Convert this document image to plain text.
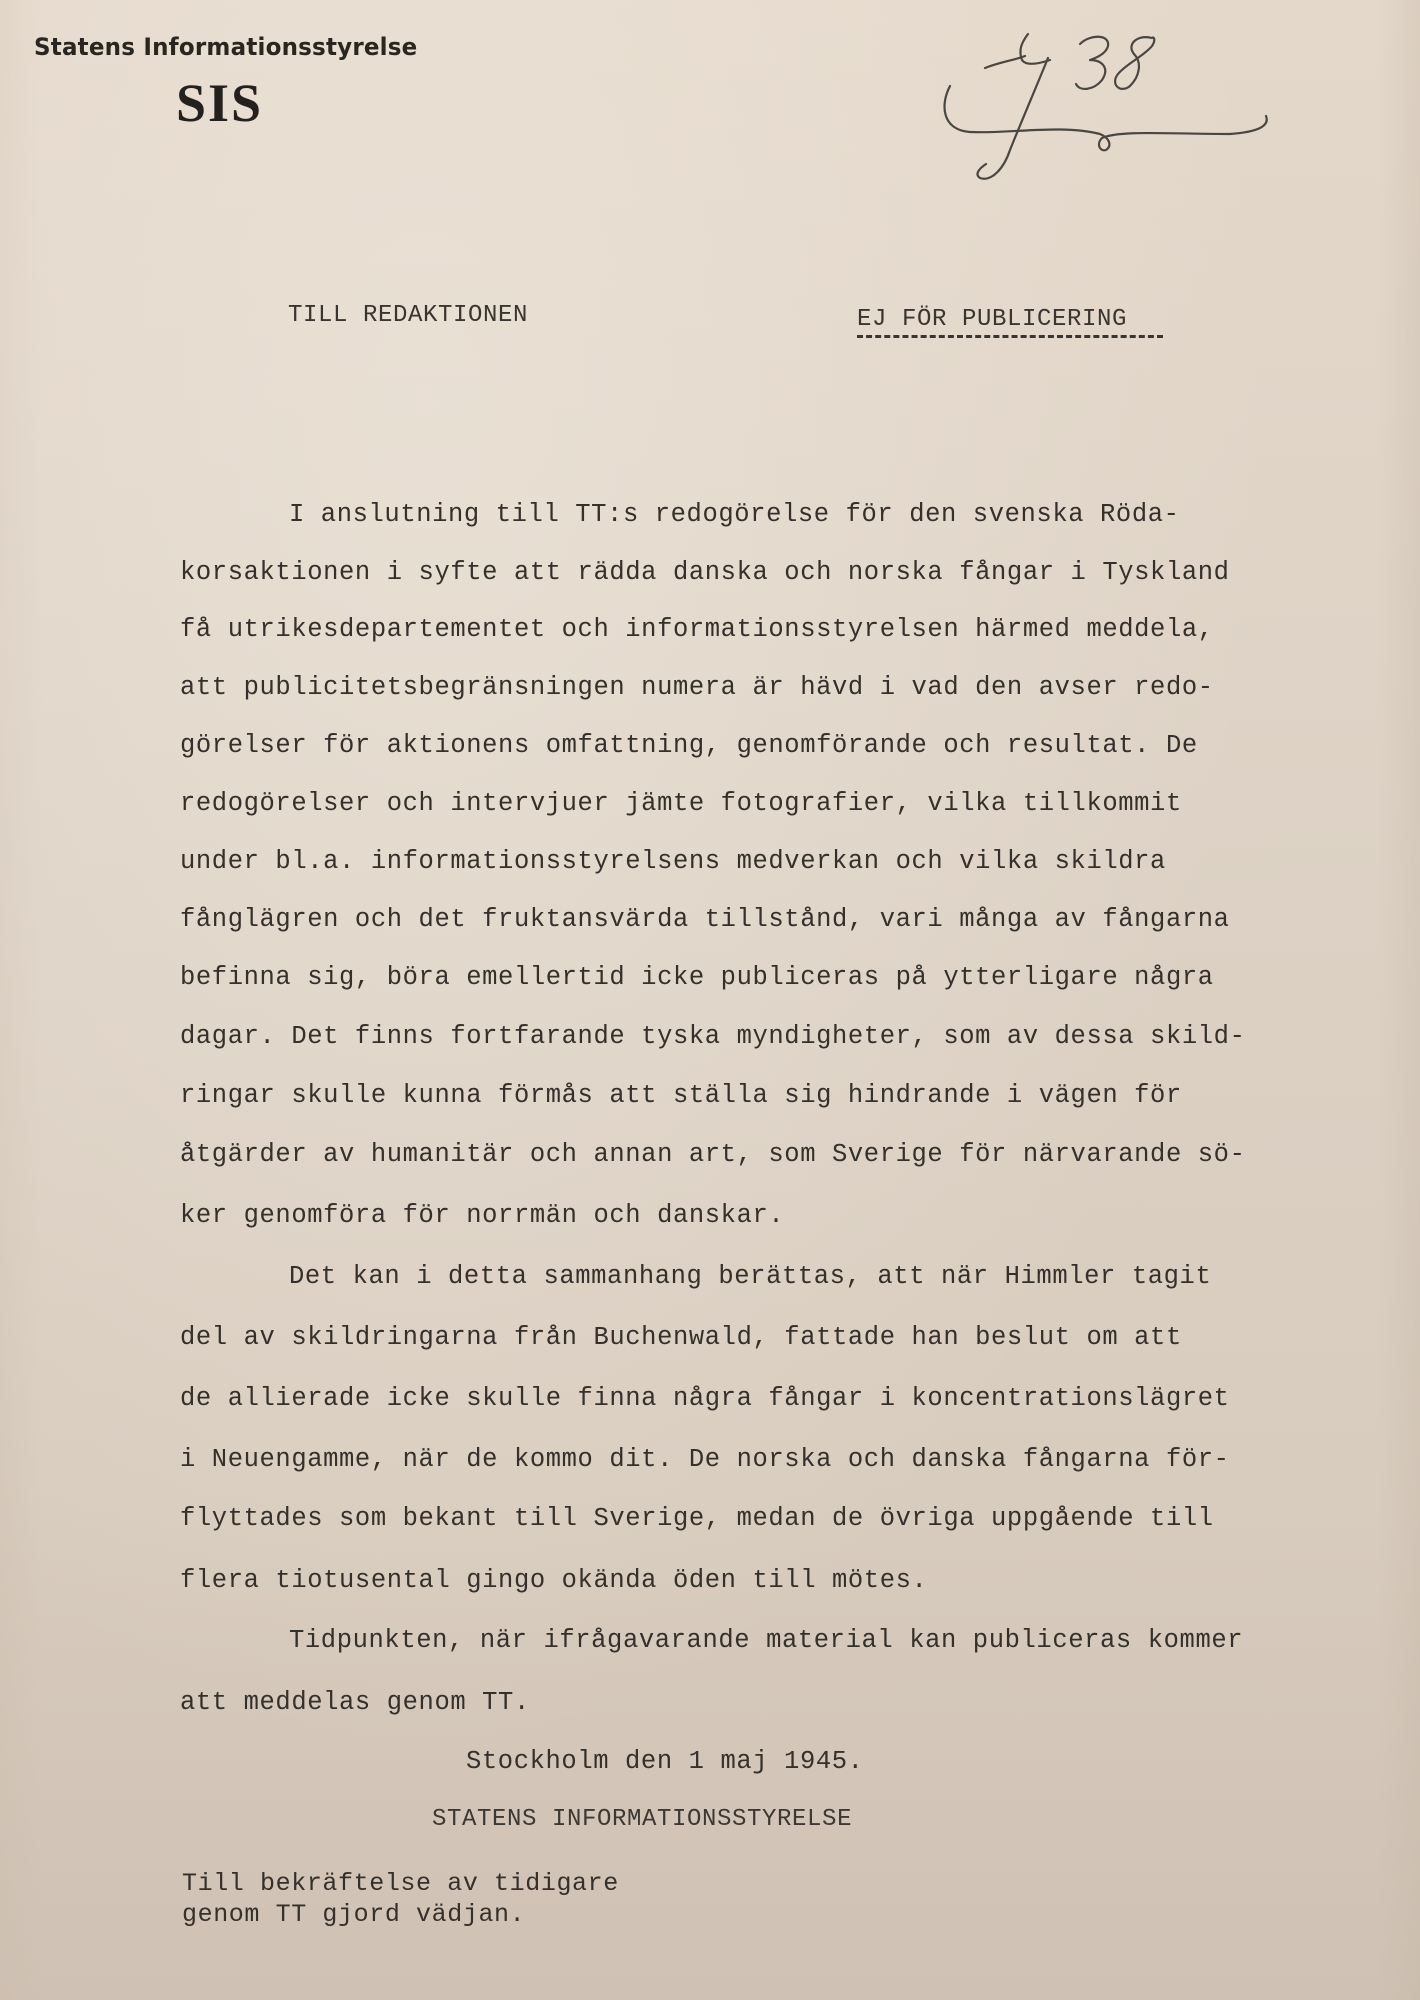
Statens Informationsstyrelse
SIS
TILL REDAKTIONEN	EJ FÖR PUBLICERING
I anslutning till TT:s redogörelse för den svenska Röda-
korsaktionen i syfte att rädda danska och norska fångar i Tyskland
få utrikesdepartementet och informationsstyrelsen härmed meddela,
att publicitetsbegränsningen numera är hävd i vad den avser redo-
görelser för aktionens omfattning, genomförande och resultat. De
redogörelser och intervjuer jämte fotografier, vilka tillkommit
under bl.a. informationsstyrelsens medverkan och vilka skildra
fånglägren och det fruktansvärda tillstånd, vari många av fångarna
befinna sig, böra emellertid icke publiceras på ytterligare några
dagar. Det finns fortfarande tyska myndigheter, som av dessa skild-
ringar skulle kunna förmås att ställa sig hindrande i vägen för
åtgärder av humanitär och annan art, som Sverige för närvarande sö-
ker genomföra för norrmän och danskar.
Det kan i detta sammanhang berättas, att när Himmler tagit
del av skildringarna från Buchenwald, fattade han beslut om att
de allierade icke skulle finna några fångar i koncentrationslägret
i Neuengamme, när de kommo dit. De norska och danska fångarna för-
flyttades som bekant till Sverige, medan de övriga uppgående till
flera tiotusental gingo okända öden till mötes.
Tidpunkten, när ifrågavarande material kan publiceras kommer
att meddelas genom TT.
Stockholm den 1 maj 1945.
STATENS INFORMATIONSSTYRELSE
Till bekräftelse av tidigare
genom TT gjord vädjan.
